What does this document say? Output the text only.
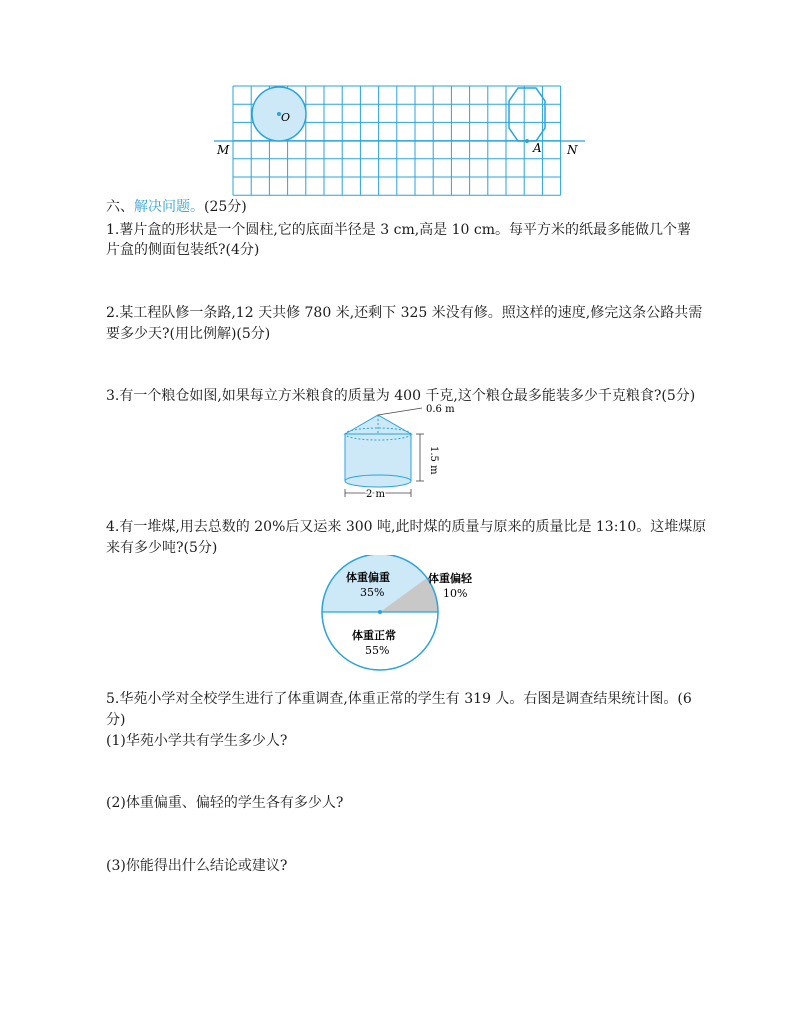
O
M	A N
六、解决问题。(25分)
1.薯片盒的形状是一个圆柱,它的底面半径是 3 cm,高是 10 cm。每平方米的纸最多能做几个薯
片盒的侧面包装纸?(4分)
2.某工程队修一条路,12 天共修 780 米,还剩下 325 米没有修。照这样的速度,修完这条公路共需
要多少天?(用比例解)(5分)
3.有一个粮仓如图,如果每立方米粮食的质量为 400 千克,这个粮仓最多能装多少千克粮食?(5分)
0.6 m
1.5 m
2 m
4.有一堆煤,用去总数的 20%后又运来 300 吨,此时煤的质量与原来的质量比是 13:10。这堆煤原
来有多少吨?(5分)
体重偏重
35%
体重偏轻
10%
体重正常
55%
5.华苑小学对全校学生进行了体重调查,体重正常的学生有 319 人。右图是调查结果统计图。(6
分)
(1)华苑小学共有学生多少人?
(2)体重偏重、偏轻的学生各有多少人?
(3)你能得出什么结论或建议?
